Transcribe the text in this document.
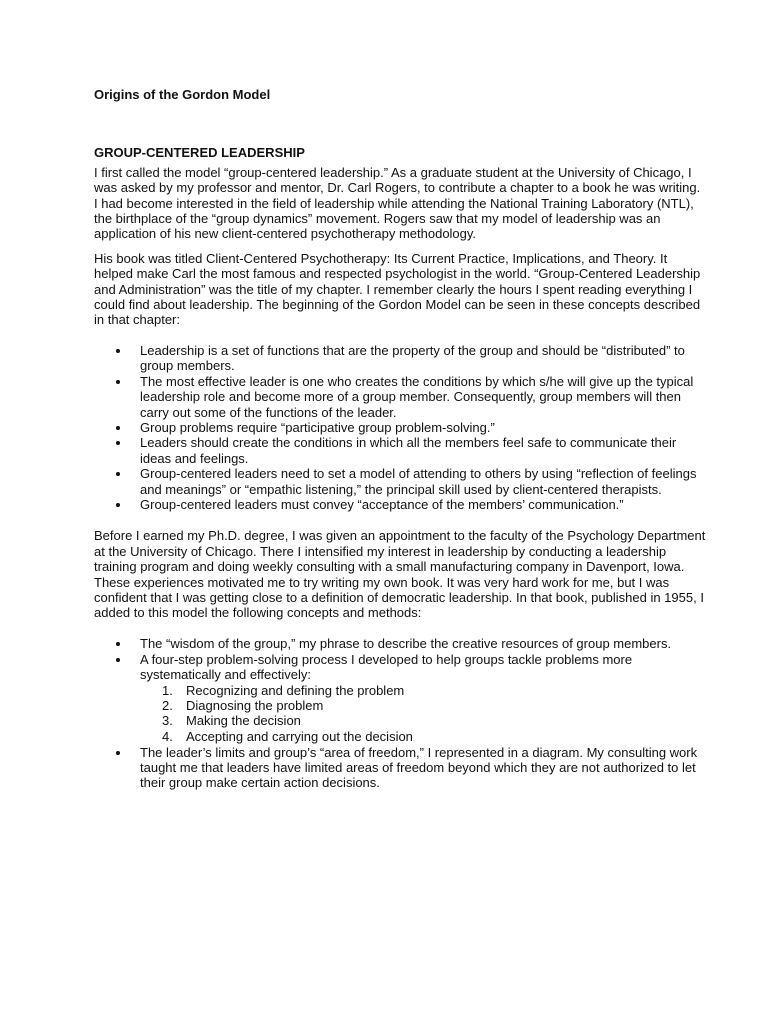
Origins of the Gordon Model
GROUP-CENTERED LEADERSHIP

I first called the model “group-centered leadership.” As a graduate student at the University of Chicago, I was asked by my professor and mentor, Dr. Carl Rogers, to contribute a chapter to a book he was writing. I had become interested in the field of leadership while attending the National Training Laboratory (NTL), the birthplace of the “group dynamics” movement. Rogers saw that my model of leadership was an application of his new client-centered psychotherapy methodology.

His book was titled Client-Centered Psychotherapy: Its Current Practice, Implications, and Theory. It helped make Carl the most famous and respected psychologist in the world. “Group-Centered Leadership and Administration” was the title of my chapter. I remember clearly the hours I spent reading everything I could find about leadership. The beginning of the Gordon Model can be seen in these concepts described in that chapter:

Leadership is a set of functions that are the property of the group and should be “distributed” to group members.
The most effective leader is one who creates the conditions by which s/he will give up the typical leadership role and become more of a group member. Consequently, group members will then carry out some of the functions of the leader.
Group problems require “participative group problem-solving.”
Leaders should create the conditions in which all the members feel safe to communicate their ideas and feelings.
Group-centered leaders need to set a model of attending to others by using “reflection of feelings and meanings” or “empathic listening,” the principal skill used by client-centered therapists.
Group-centered leaders must convey “acceptance of the members’ communication.”

Before I earned my Ph.D. degree, I was given an appointment to the faculty of the Psychology Department at the University of Chicago. There I intensified my interest in leadership by conducting a leadership training program and doing weekly consulting with a small manufacturing company in Davenport, Iowa. These experiences motivated me to try writing my own book. It was very hard work for me, but I was confident that I was getting close to a definition of democratic leadership. In that book, published in 1955, I added to this model the following concepts and methods:

The “wisdom of the group,” my phrase to describe the creative resources of group members.
A four-step problem-solving process I developed to help groups tackle problems more systematically and effectively:
1. Recognizing and defining the problem
2. Diagnosing the problem
3. Making the decision
4. Accepting and carrying out the decision
The leader’s limits and group’s “area of freedom,” I represented in a diagram. My consulting work taught me that leaders have limited areas of freedom beyond which they are not authorized to let their group make certain action decisions.
